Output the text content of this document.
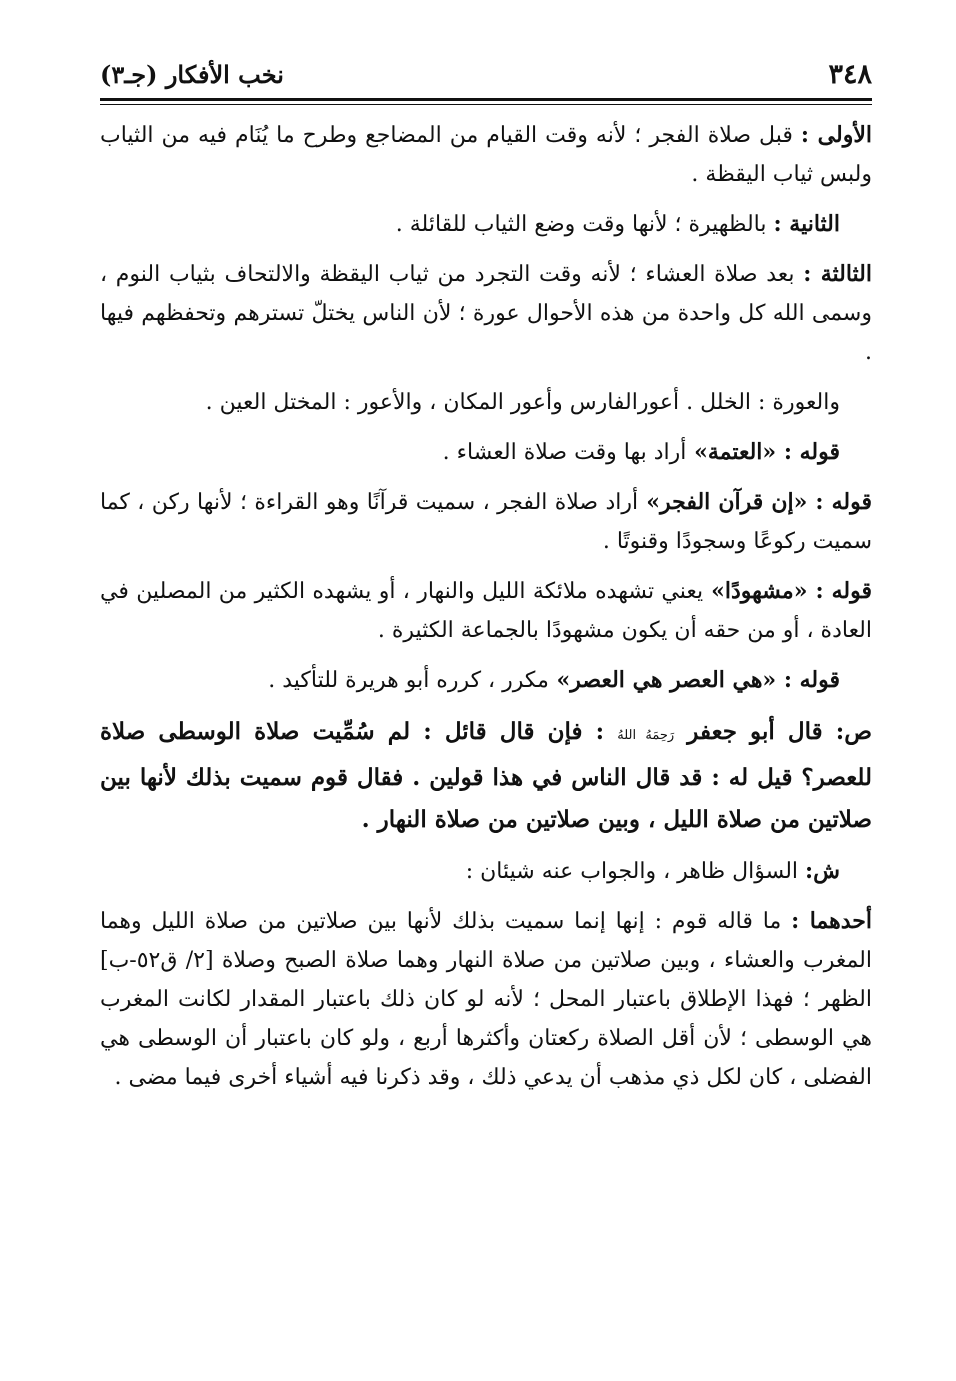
٣٤٨
نخب الأفكار (جـ٣)

الأولى : قبل صلاة الفجر ؛ لأنه وقت القيام من المضاجع وطرح ما يُنَام فيه من الثياب ولبس ثياب اليقظة .

الثانية : بالظهيرة ؛ لأنها وقت وضع الثياب للقائلة .

الثالثة : بعد صلاة العشاء ؛ لأنه وقت التجرد من ثياب اليقظة والالتحاف بثياب النوم ، وسمى الله كل واحدة من هذه الأحوال عورة ؛ لأن الناس يختلّ تسترهم وتحفظهم فيها .

والعورة : الخلل . أعورالفارس وأعور المكان ، والأعور : المختل العين .

قوله : «العتمة» أراد بها وقت صلاة العشاء .

قوله : «إن قرآن الفجر» أراد صلاة الفجر ، سميت قرآنًا وهو القراءة ؛ لأنها ركن ، كما سميت ركوعًا وسجودًا وقنوتًا .

قوله : «مشهودًا» يعني تشهده ملائكة الليل والنهار ، أو يشهده الكثير من المصلين في العادة ، أو من حقه أن يكون مشهودًا بالجماعة الكثيرة .

قوله : «هي العصر هي العصر» مكرر ، كرره أبو هريرة للتأكيد .

ص: قال أبو جعفر رَحِمَهُ اللهُ : فإن قال قائل : لم سُمِّيت صلاة الوسطى صلاة للعصر؟ قيل له : قد قال الناس في هذا قولين . فقال قوم سميت بذلك لأنها بين صلاتين من صلاة الليل ، وبين صلاتين من صلاة النهار .

ش: السؤال ظاهر ، والجواب عنه شيئان :

أحدهما : ما قاله قوم : إنها إنما سميت بذلك لأنها بين صلاتين من صلاة الليل وهما المغرب والعشاء ، وبين صلاتين من صلاة النهار وهما صلاة الصبح وصلاة [٢/ ق٥٢-ب] الظهر ؛ فهذا الإطلاق باعتبار المحل ؛ لأنه لو كان ذلك باعتبار المقدار لكانت المغرب هي الوسطى ؛ لأن أقل الصلاة ركعتان وأكثرها أربع ، ولو كان باعتبار أن الوسطى هي الفضلى ، كان لكل ذي مذهب أن يدعي ذلك ، وقد ذكرنا فيه أشياء أخرى فيما مضى .
